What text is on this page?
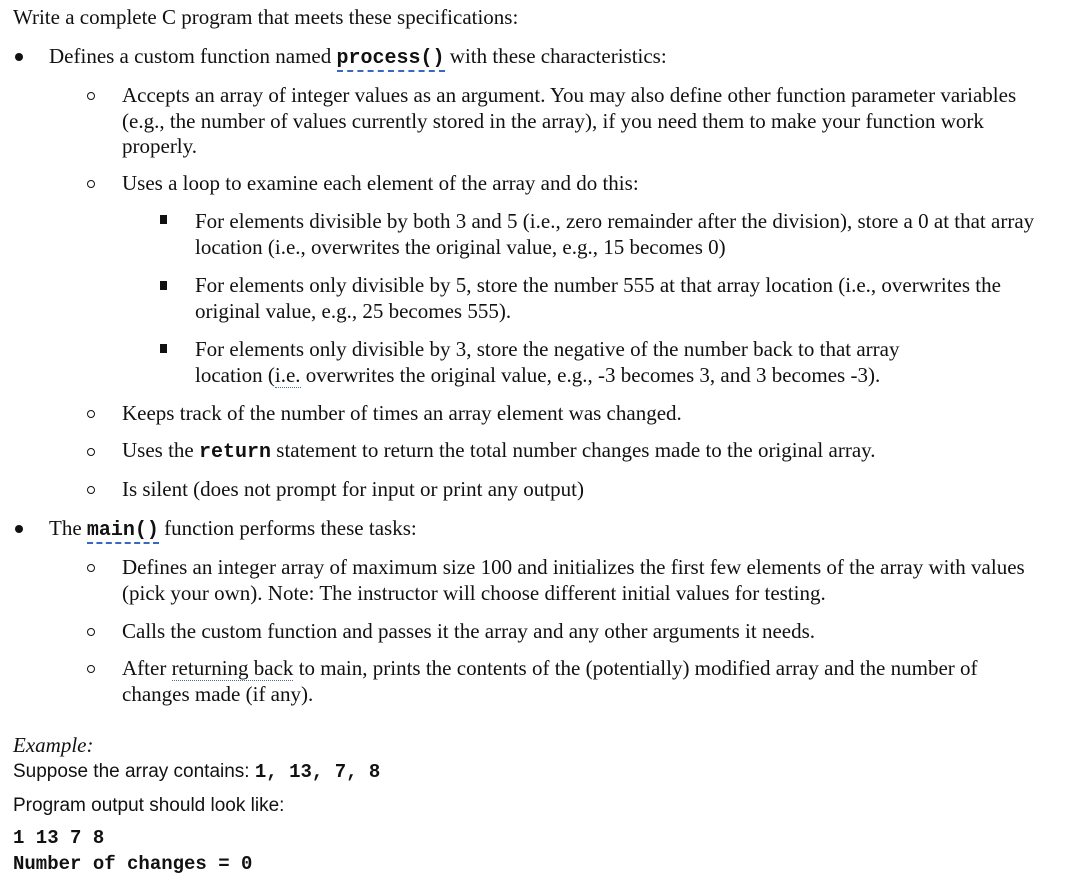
Write a complete C program that meets these specifications:
Defines a custom function named process() with these characteristics:
Accepts an array of integer values as an argument. You may also define other function parameter variables (e.g., the number of values currently stored in the array), if you need them to make your function work properly.
Uses a loop to examine each element of the array and do this:
For elements divisible by both 3 and 5 (i.e., zero remainder after the division), store a 0 at that array location (i.e., overwrites the original value, e.g., 15 becomes 0)
For elements only divisible by 5, store the number 555 at that array location (i.e., overwrites the original value, e.g., 25 becomes 555).
For elements only divisible by 3, store the negative of the number back to that array location (i.e. overwrites the original value, e.g., -3 becomes 3, and 3 becomes -3).
Keeps track of the number of times an array element was changed.
Uses the return statement to return the total number changes made to the original array.
Is silent (does not prompt for input or print any output)
The main() function performs these tasks:
Defines an integer array of maximum size 100 and initializes the first few elements of the array with values (pick your own). Note: The instructor will choose different initial values for testing.
Calls the custom function and passes it the array and any other arguments it needs.
After returning back to main, prints the contents of the (potentially) modified array and the number of changes made (if any).
Example:
Suppose the array contains: 1, 13, 7, 8
Program output should look like:
1 13 7 8
Number of changes = 0
